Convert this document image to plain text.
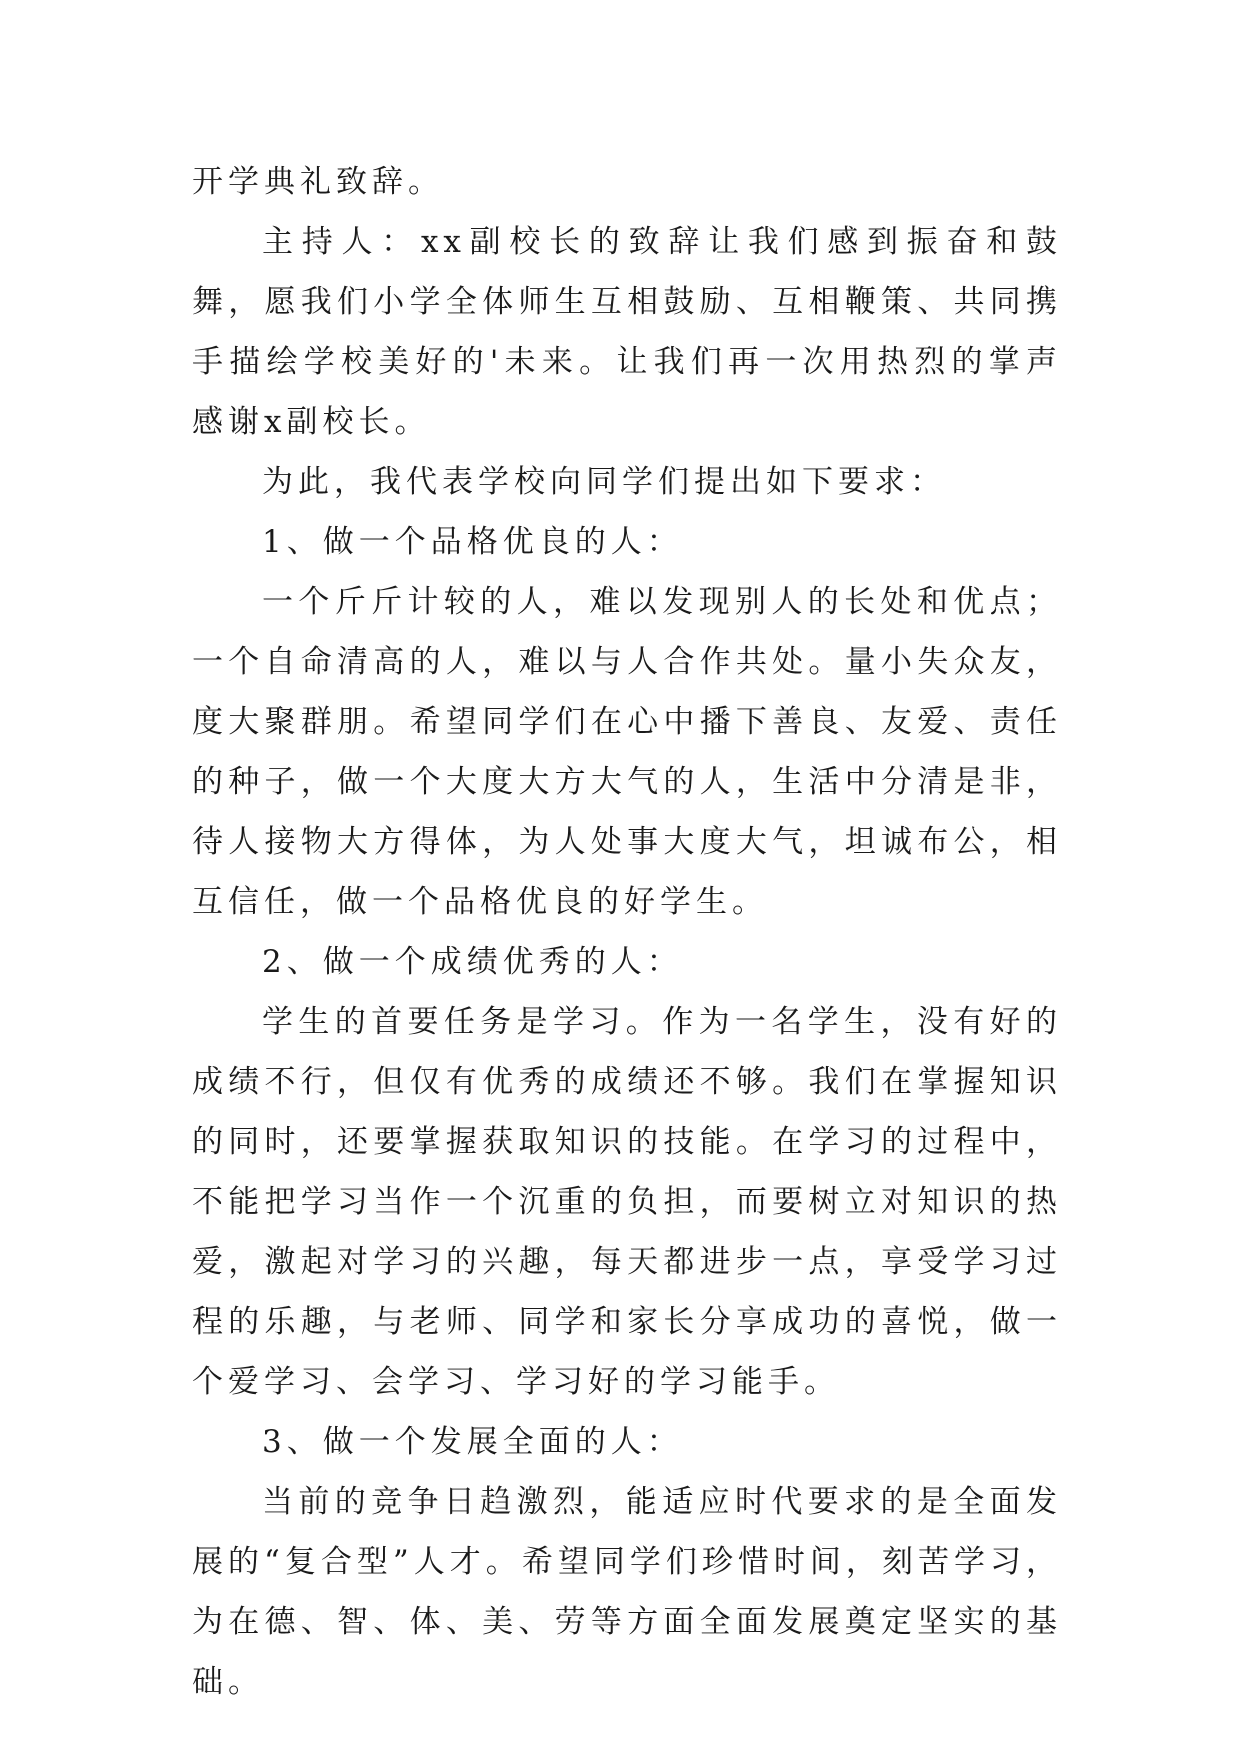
开学典礼致辞。

主持人：xx副校长的致辞让我们感到振奋和鼓舞，愿我们小学全体师生互相鼓励、互相鞭策、共同携手描绘学校美好的'未来。让我们再一次用热烈的掌声感谢x副校长。

为此，我代表学校向同学们提出如下要求：

1、做一个品格优良的人：

一个斤斤计较的人，难以发现别人的长处和优点；一个自命清高的人，难以与人合作共处。量小失众友，度大聚群朋。希望同学们在心中播下善良、友爱、责任的种子，做一个大度大方大气的人，生活中分清是非，待人接物大方得体，为人处事大度大气，坦诚布公，相互信任，做一个品格优良的好学生。

2、做一个成绩优秀的人：

学生的首要任务是学习。作为一名学生，没有好的成绩不行，但仅有优秀的成绩还不够。我们在掌握知识的同时，还要掌握获取知识的技能。在学习的过程中，不能把学习当作一个沉重的负担，而要树立对知识的热爱，激起对学习的兴趣，每天都进步一点，享受学习过程的乐趣，与老师、同学和家长分享成功的喜悦，做一个爱学习、会学习、学习好的学习能手。

3、做一个发展全面的人：

当前的竞争日趋激烈，能适应时代要求的是全面发展的“复合型”人才。希望同学们珍惜时间，刻苦学习，为在德、智、体、美、劳等方面全面发展奠定坚实的基础。
